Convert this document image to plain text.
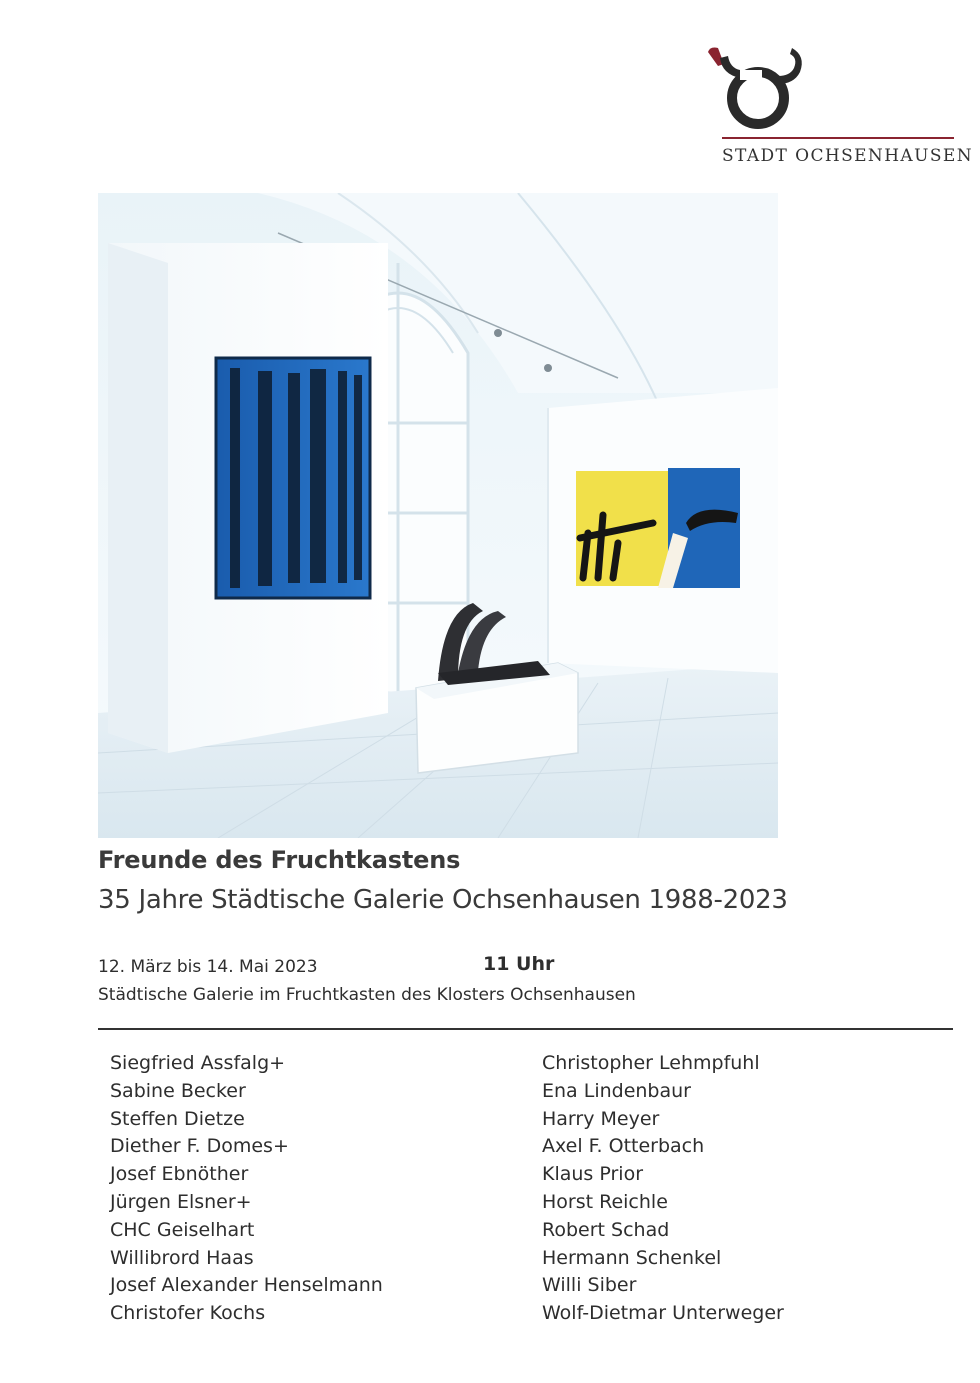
STADT OCHSENHAUSEN
Freunde des Fruchtkastens
35 Jahre Städtische Galerie Ochsenhausen 1988-2023
12. März bis 14. Mai 2023	11 Uhr
Städtische Galerie im Fruchtkasten des Klosters Ochsenhausen
Siegfried Assfalg+
Sabine Becker
Steffen Dietze
Diether F. Domes+
Josef Ebnöther
Jürgen Elsner+
CHC Geiselhart
Willibrord Haas
Josef Alexander Henselmann
Christofer Kochs
Christopher Lehmpfuhl
Ena Lindenbaur
Harry Meyer
Axel F. Otterbach
Klaus Prior
Horst Reichle
Robert Schad
Hermann Schenkel
Willi Siber
Wolf-Dietmar Unterweger
